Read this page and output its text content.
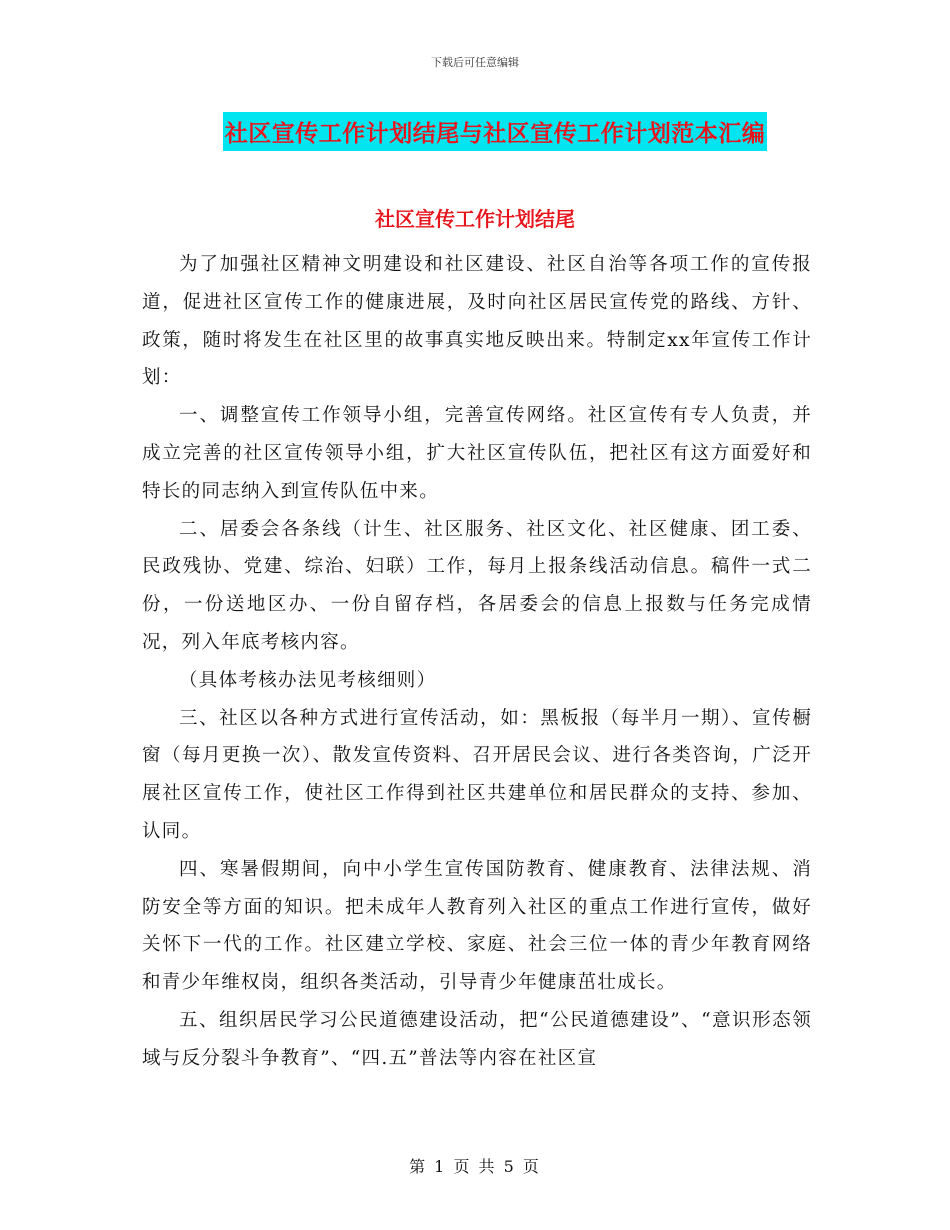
下载后可任意编辑
社区宣传工作计划结尾与社区宣传工作计划范本汇编
社区宣传工作计划结尾

为了加强社区精神文明建设和社区建设、社区自治等各项工作的宣传报道，促进社区宣传工作的健康进展，及时向社区居民宣传党的路线、方针、政策，随时将发生在社区里的故事真实地反映出来。特制定xx年宣传工作计划：

一、调整宣传工作领导小组，完善宣传网络。社区宣传有专人负责，并成立完善的社区宣传领导小组，扩大社区宣传队伍，把社区有这方面爱好和特长的同志纳入到宣传队伍中来。

二、居委会各条线（计生、社区服务、社区文化、社区健康、团工委、民政残协、党建、综治、妇联）工作，每月上报条线活动信息。稿件一式二份，一份送地区办、一份自留存档，各居委会的信息上报数与任务完成情况，列入年底考核内容。

（具体考核办法见考核细则）

三、社区以各种方式进行宣传活动，如：黑板报（每半月一期）、宣传橱窗（每月更换一次）、散发宣传资料、召开居民会议、进行各类咨询，广泛开展社区宣传工作，使社区工作得到社区共建单位和居民群众的支持、参加、认同。

四、寒暑假期间，向中小学生宣传国防教育、健康教育、法律法规、消防安全等方面的知识。把未成年人教育列入社区的重点工作进行宣传，做好关怀下一代的工作。社区建立学校、家庭、社会三位一体的青少年教育网络和青少年维权岗，组织各类活动，引导青少年健康茁壮成长。

五、组织居民学习公民道德建设活动，把“公民道德建设”、“意识形态领域与反分裂斗争教育”、“四.五”普法等内容在社区宣

第 1 页 共 5 页
